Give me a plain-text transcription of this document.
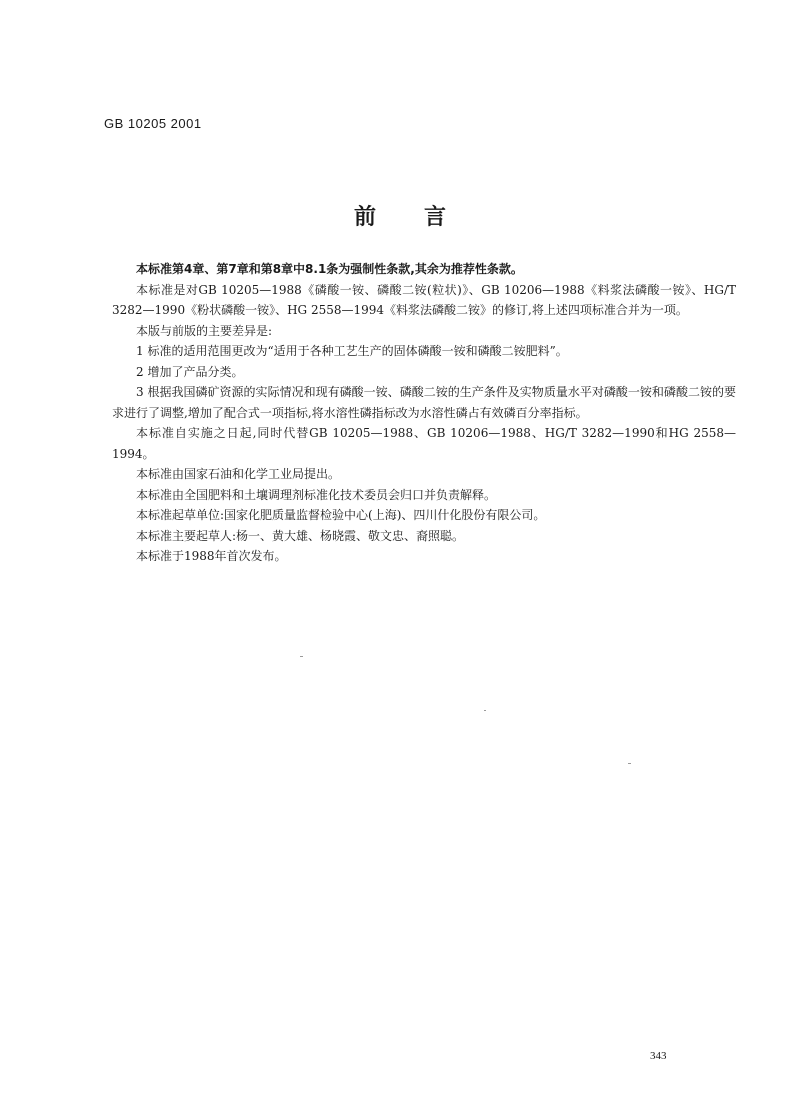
GB 10205 2001
前言

本标准第4章、第7章和第8章中8.1条为强制性条款,其余为推荐性条款。

本标准是对GB 10205—1988《磷酸一铵、磷酸二铵(粒状)》、GB 10206—1988《料浆法磷酸一铵》、HG/T 3282—1990《粉状磷酸一铵》、HG 2558—1994《料浆法磷酸二铵》的修订,将上述四项标准合并为一项。

本版与前版的主要差异是:

1 标准的适用范围更改为“适用于各种工艺生产的固体磷酸一铵和磷酸二铵肥料”。

2 增加了产品分类。

3 根据我国磷矿资源的实际情况和现有磷酸一铵、磷酸二铵的生产条件及实物质量水平对磷酸一铵和磷酸二铵的要求进行了调整,增加了配合式一项指标,将水溶性磷指标改为水溶性磷占有效磷百分率指标。

本标准自实施之日起,同时代替GB 10205—1988、GB 10206—1988、HG/T 3282—1990和HG 2558—1994。

本标准由国家石油和化学工业局提出。

本标准由全国肥料和土壤调理剂标准化技术委员会归口并负责解释。

本标准起草单位:国家化肥质量监督检验中心(上海)、四川什化股份有限公司。

本标准主要起草人:杨一、黄大雄、杨晓霞、敬文忠、裔照聪。

本标准于1988年首次发布。

343
